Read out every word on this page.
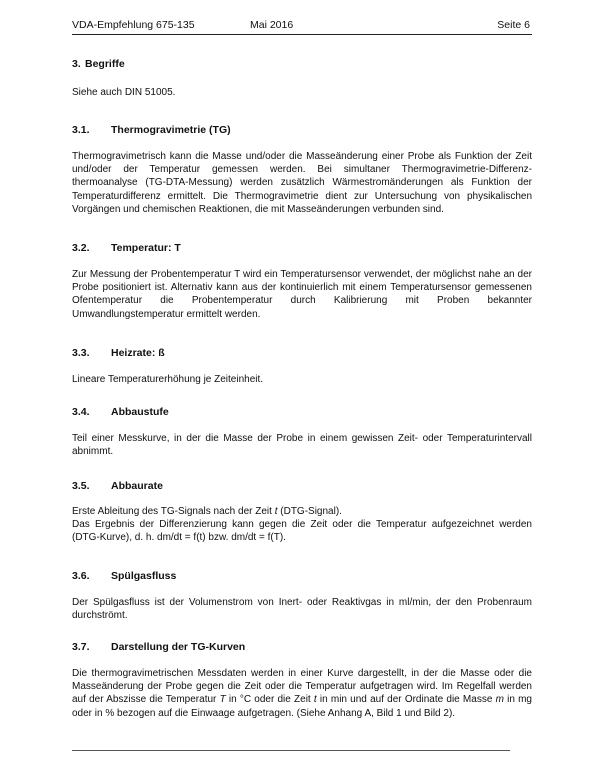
VDA-Empfehlung 675-135	Mai 2016	Seite 6
3. Begriffe

Siehe auch DIN 51005.

3.1.	Thermogravimetrie (TG)

Thermogravimetrisch kann die Masse und/oder die Masseänderung einer Probe als Funktion der Zeit und/oder der Temperatur gemessen werden. Bei simultaner Thermogravimetrie-Differenz-thermoanalyse (TG-DTA-Messung) werden zusätzlich Wärmestromänderungen als Funktion der Temperaturdifferenz ermittelt. Die Thermogravimetrie dient zur Untersuchung von physikalischen Vorgängen und chemischen Reaktionen, die mit Masseänderungen verbunden sind.

3.2.	Temperatur: T

Zur Messung der Probentemperatur T wird ein Temperatursensor verwendet, der möglichst nahe an der Probe positioniert ist. Alternativ kann aus der kontinuierlich mit einem Temperatursensor gemessenen Ofentemperatur die Probentemperatur durch Kalibrierung mit Proben bekannter Umwandlungstemperatur ermittelt werden.

3.3.	Heizrate: ß

Lineare Temperaturerhöhung je Zeiteinheit.

3.4.	Abbaustufe

Teil einer Messkurve, in der die Masse der Probe in einem gewissen Zeit- oder Temperaturintervall abnimmt.

3.5.	Abbaurate

Erste Ableitung des TG-Signals nach der Zeit t (DTG-Signal).

Das Ergebnis der Differenzierung kann gegen die Zeit oder die Temperatur aufgezeichnet werden (DTG-Kurve), d. h. dm/dt = f(t) bzw. dm/dt = f(T).

3.6.	Spülgasfluss

Der Spülgasfluss ist der Volumenstrom von Inert- oder Reaktivgas in ml/min, der den Probenraum durchströmt.

3.7.	Darstellung der TG-Kurven

Die thermogravimetrischen Messdaten werden in einer Kurve dargestellt, in der die Masse oder die Masseänderung der Probe gegen die Zeit oder die Temperatur aufgetragen wird. Im Regelfall werden auf der Abszisse die Temperatur T in °C oder die Zeit t in min und auf der Ordinate die Masse m in mg oder in % bezogen auf die Einwaage aufgetragen. (Siehe Anhang A, Bild 1 und Bild 2).
